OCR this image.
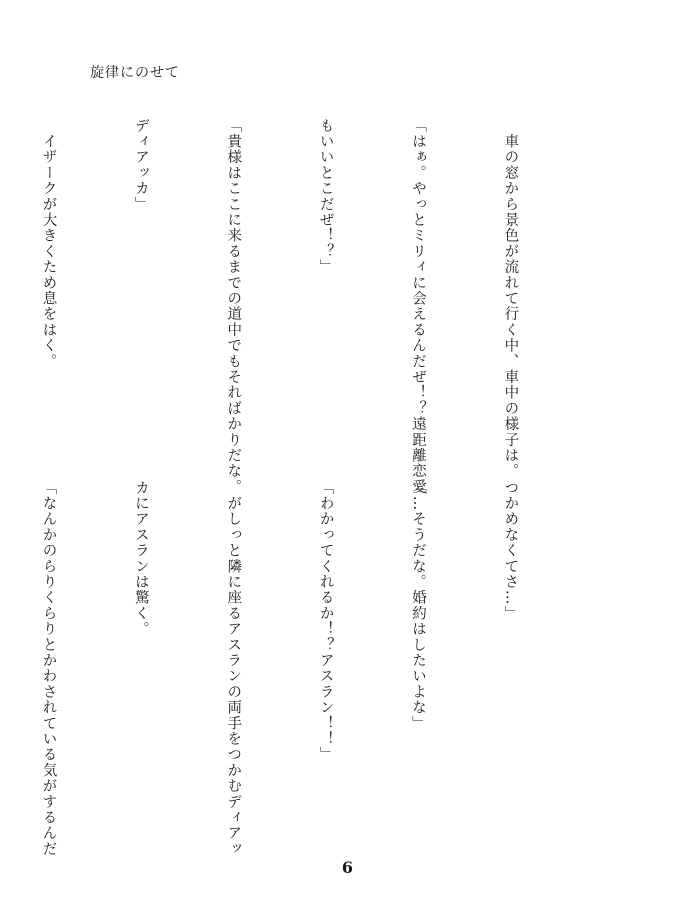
旋律にのせて

　車の窓から景色が流れて行く中、車中の様子は。

「はぁ。やっとミリィに会えるんだぜ！？遠距離恋愛

もいいとこだぜ！？」

「貴様はここに来るまでの道中でもそればかりだな。

ディアッカ」

　イザークが大きくため息をはく。

つかめなくてさ…」

「…そうだな。婚約はしたいよな」

「わかってくれるか！？アスラン！！」

　がしっと隣に座るアスランの両手をつかむディアッ

カにアスランは驚く。

「なんかのらりくらりとかわされている気がするんだ

6
